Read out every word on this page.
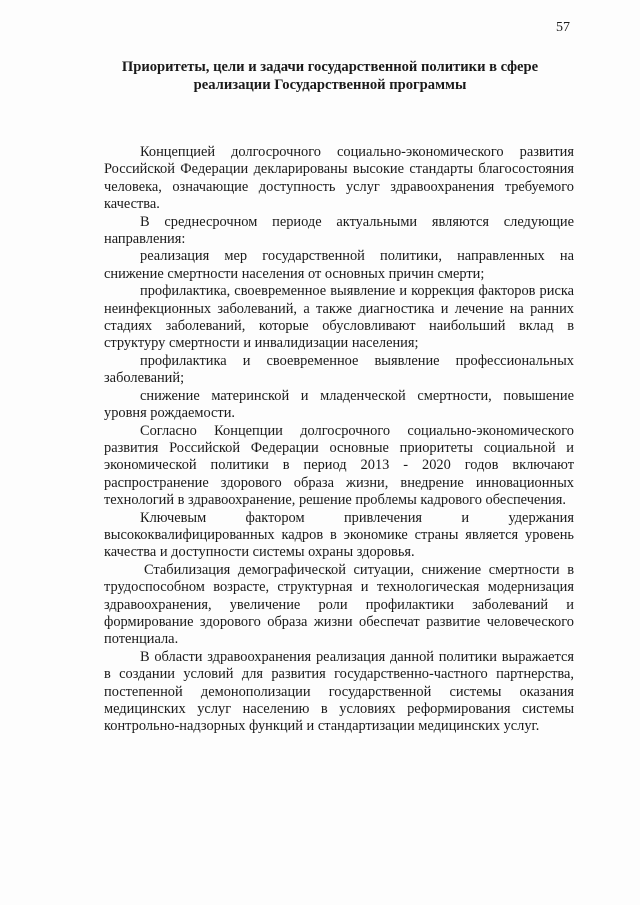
57
Приоритеты, цели и задачи государственной политики в сфере реализации Государственной программы

Концепцией долгосрочного социально-экономического развития Российской Федерации декларированы высокие стандарты благосостояния человека, означающие доступность услуг здравоохранения требуемого качества.

В среднесрочном периоде актуальными являются следующие направления:

реализация мер государственной политики, направленных на снижение смертности населения от основных причин смерти;

профилактика, своевременное выявление и коррекция факторов риска неинфекционных заболеваний, а также диагностика и лечение на ранних стадиях заболеваний, которые обусловливают наибольший вклад в структуру смертности и инвалидизации населения;

профилактика и своевременное выявление профессиональных заболеваний;

снижение материнской и младенческой смертности, повышение уровня рождаемости.

Согласно Концепции долгосрочного социально-экономического развития Российской Федерации основные приоритеты социальной и экономической политики в период 2013 - 2020 годов включают распространение здорового образа жизни, внедрение инновационных технологий в здравоохранение, решение проблемы кадрового обеспечения.

Ключевым фактором привлечения и удержания высококвалифицированных кадров в экономике страны является уровень качества и доступности системы охраны здоровья.

Стабилизация демографической ситуации, снижение смертности в трудоспособном возрасте, структурная и технологическая модернизация здравоохранения, увеличение роли профилактики заболеваний и формирование здорового образа жизни обеспечат развитие человеческого потенциала.

В области здравоохранения реализация данной политики выражается в создании условий для развития государственно-частного партнерства, постепенной демонополизации государственной системы оказания медицинских услуг населению в условиях реформирования системы контрольно-надзорных функций и стандартизации медицинских услуг.
